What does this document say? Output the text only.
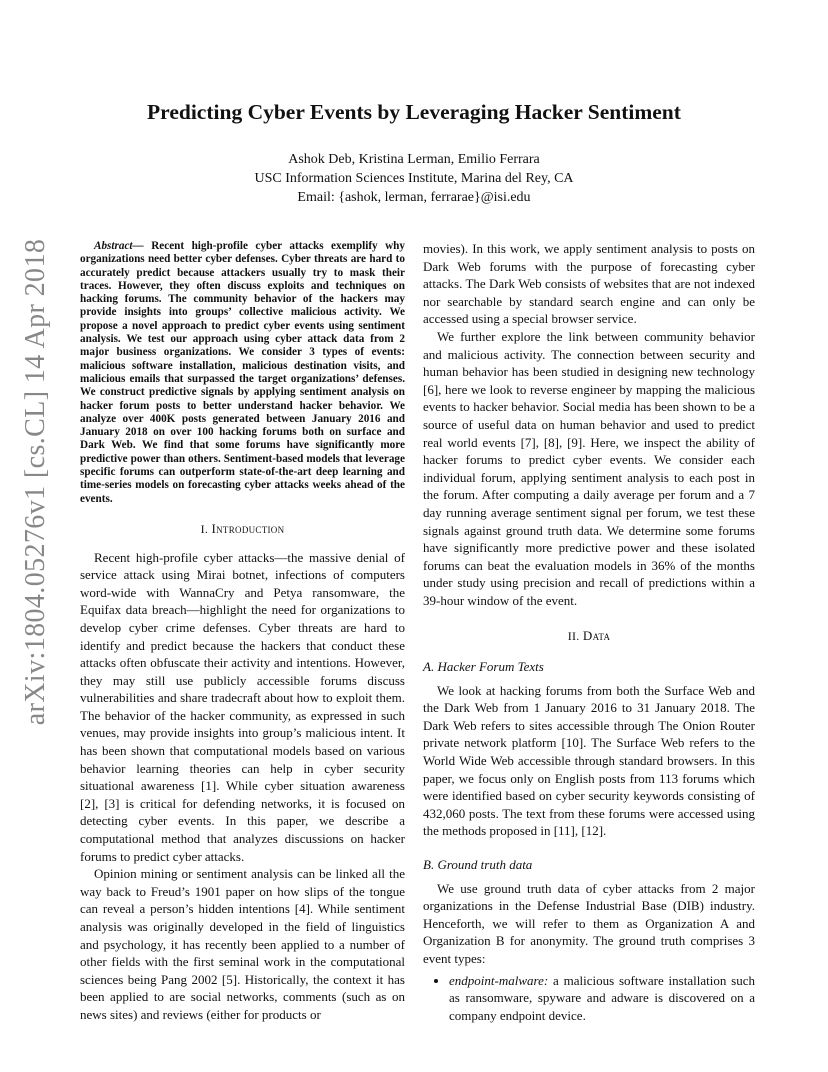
arXiv:1804.05276v1 [cs.CL] 14 Apr 2018
Predicting Cyber Events by Leveraging Hacker Sentiment
Ashok Deb, Kristina Lerman, Emilio Ferrara
USC Information Sciences Institute, Marina del Rey, CA
Email: {ashok, lerman, ferrarae}@isi.edu

Abstract— Recent high-profile cyber attacks exemplify why organizations need better cyber defenses. Cyber threats are hard to accurately predict because attackers usually try to mask their traces. However, they often discuss exploits and techniques on hacking forums. The community behavior of the hackers may provide insights into groups’ collective malicious activity. We propose a novel approach to predict cyber events using sentiment analysis. We test our approach using cyber attack data from 2 major business organizations. We consider 3 types of events: malicious software installation, malicious destination visits, and malicious emails that surpassed the target organizations’ defenses. We construct predictive signals by applying sentiment analysis on hacker forum posts to better understand hacker behavior. We analyze over 400K posts generated between January 2016 and January 2018 on over 100 hacking forums both on surface and Dark Web. We find that some forums have significantly more predictive power than others. Sentiment-based models that leverage specific forums can outperform state-of-the-art deep learning and time-series models on forecasting cyber attacks weeks ahead of the events.

I. Introduction

Recent high-profile cyber attacks—the massive denial of service attack using Mirai botnet, infections of computers word-wide with WannaCry and Petya ransomware, the Equifax data breach—highlight the need for organizations to develop cyber crime defenses. Cyber threats are hard to identify and predict because the hackers that conduct these attacks often obfuscate their activity and intentions. However, they may still use publicly accessible forums discuss vulnerabilities and share tradecraft about how to exploit them. The behavior of the hacker community, as expressed in such venues, may provide insights into group’s malicious intent. It has been shown that computational models based on various behavior learning theories can help in cyber security situational awareness [1]. While cyber situation awareness [2], [3] is critical for defending networks, it is focused on detecting cyber events. In this paper, we describe a computational method that analyzes discussions on hacker forums to predict cyber attacks.

Opinion mining or sentiment analysis can be linked all the way back to Freud’s 1901 paper on how slips of the tongue can reveal a person’s hidden intentions [4]. While sentiment analysis was originally developed in the field of linguistics and psychology, it has recently been applied to a number of other fields with the first seminal work in the computational sciences being Pang 2002 [5]. Historically, the context it has been applied to are social networks, comments (such as on news sites) and reviews (either for products or

movies). In this work, we apply sentiment analysis to posts on Dark Web forums with the purpose of forecasting cyber attacks. The Dark Web consists of websites that are not indexed nor searchable by standard search engine and can only be accessed using a special browser service.

We further explore the link between community behavior and malicious activity. The connection between security and human behavior has been studied in designing new technology [6], here we look to reverse engineer by mapping the malicious events to hacker behavior. Social media has been shown to be a source of useful data on human behavior and used to predict real world events [7], [8], [9]. Here, we inspect the ability of hacker forums to predict cyber events. We consider each individual forum, applying sentiment analysis to each post in the forum. After computing a daily average per forum and a 7 day running average sentiment signal per forum, we test these signals against ground truth data. We determine some forums have significantly more predictive power and these isolated forums can beat the evaluation models in 36% of the months under study using precision and recall of predictions within a 39-hour window of the event.

II. Data
A. Hacker Forum Texts

We look at hacking forums from both the Surface Web and the Dark Web from 1 January 2016 to 31 January 2018. The Dark Web refers to sites accessible through The Onion Router private network platform [10]. The Surface Web refers to the World Wide Web accessible through standard browsers. In this paper, we focus only on English posts from 113 forums which were identified based on cyber security keywords consisting of 432,060 posts. The text from these forums were accessed using the methods proposed in [11], [12].

B. Ground truth data

We use ground truth data of cyber attacks from 2 major organizations in the Defense Industrial Base (DIB) industry. Henceforth, we will refer to them as Organization A and Organization B for anonymity. The ground truth comprises 3 event types:

• endpoint-malware: a malicious software installation such as ransomware, spyware and adware is discovered on a company endpoint device.
